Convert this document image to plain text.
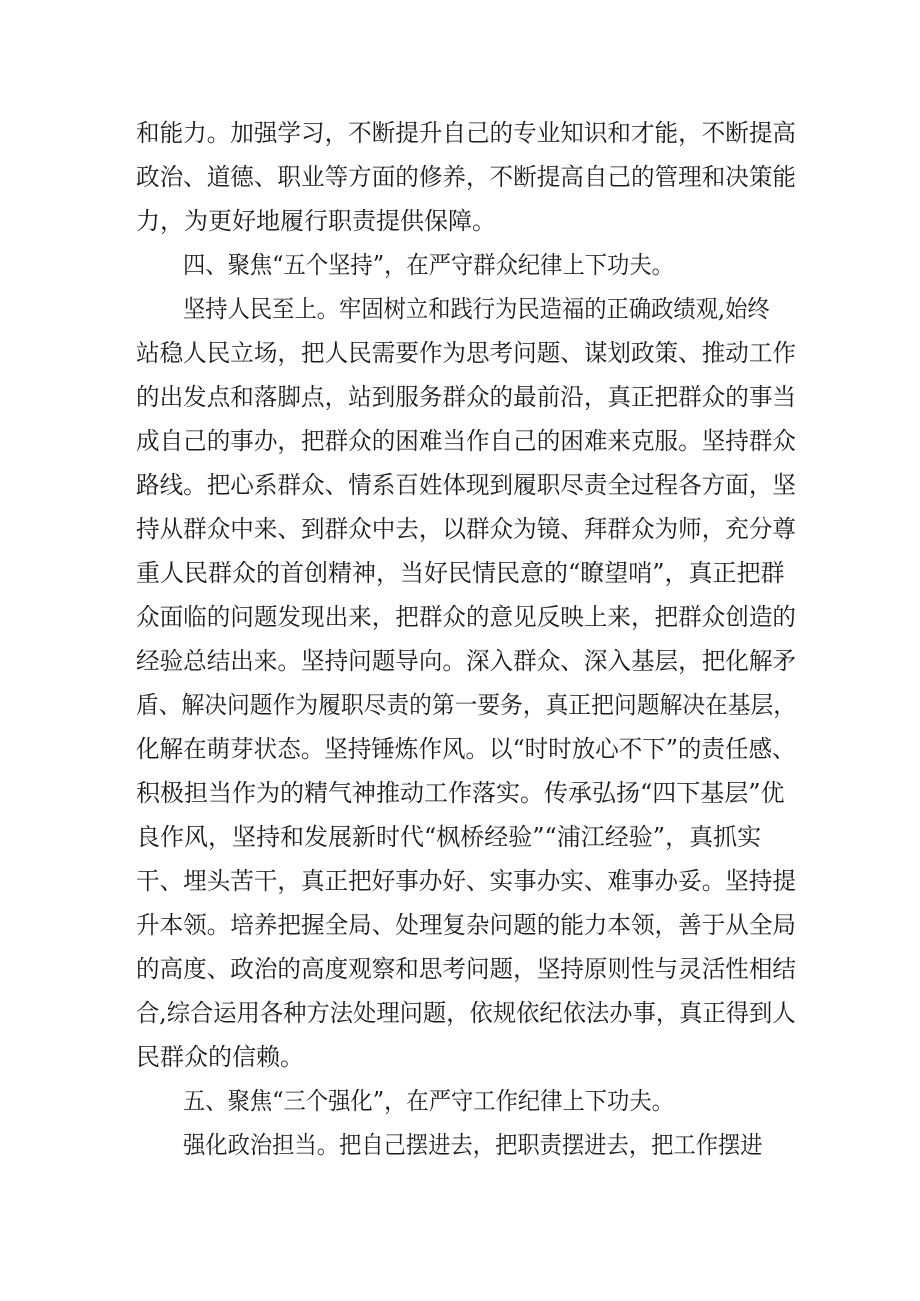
和能力。加强学习，不断提升自己的专业知识和才能，不断提高
政治、道德、职业等方面的修养，不断提高自己的管理和决策能
力，为更好地履行职责提供保障。
四、聚焦“五个坚持”，在严守群众纪律上下功夫。
坚持人民至上。牢固树立和践行为民造福的正确政绩观,始终
站稳人民立场，把人民需要作为思考问题、谋划政策、推动工作
的出发点和落脚点，站到服务群众的最前沿，真正把群众的事当
成自己的事办，把群众的困难当作自己的困难来克服。坚持群众
路线。把心系群众、情系百姓体现到履职尽责全过程各方面，坚
持从群众中来、到群众中去，以群众为镜、拜群众为师，充分尊
重人民群众的首创精神，当好民情民意的“瞭望哨”，真正把群
众面临的问题发现出来，把群众的意见反映上来，把群众创造的
经验总结出来。坚持问题导向。深入群众、深入基层，把化解矛
盾、解决问题作为履职尽责的第一要务，真正把问题解决在基层，
化解在萌芽状态。坚持锤炼作风。以“时时放心不下”的责任感、
积极担当作为的精气神推动工作落实。传承弘扬“四下基层”优
良作风，坚持和发展新时代“枫桥经验”“浦江经验”，真抓实
干、埋头苦干，真正把好事办好、实事办实、难事办妥。坚持提
升本领。培养把握全局、处理复杂问题的能力本领，善于从全局
的高度、政治的高度观察和思考问题，坚持原则性与灵活性相结
合,综合运用各种方法处理问题，依规依纪依法办事，真正得到人
民群众的信赖。
五、聚焦“三个强化”，在严守工作纪律上下功夫。
强化政治担当。把自己摆进去，把职责摆进去，把工作摆进
